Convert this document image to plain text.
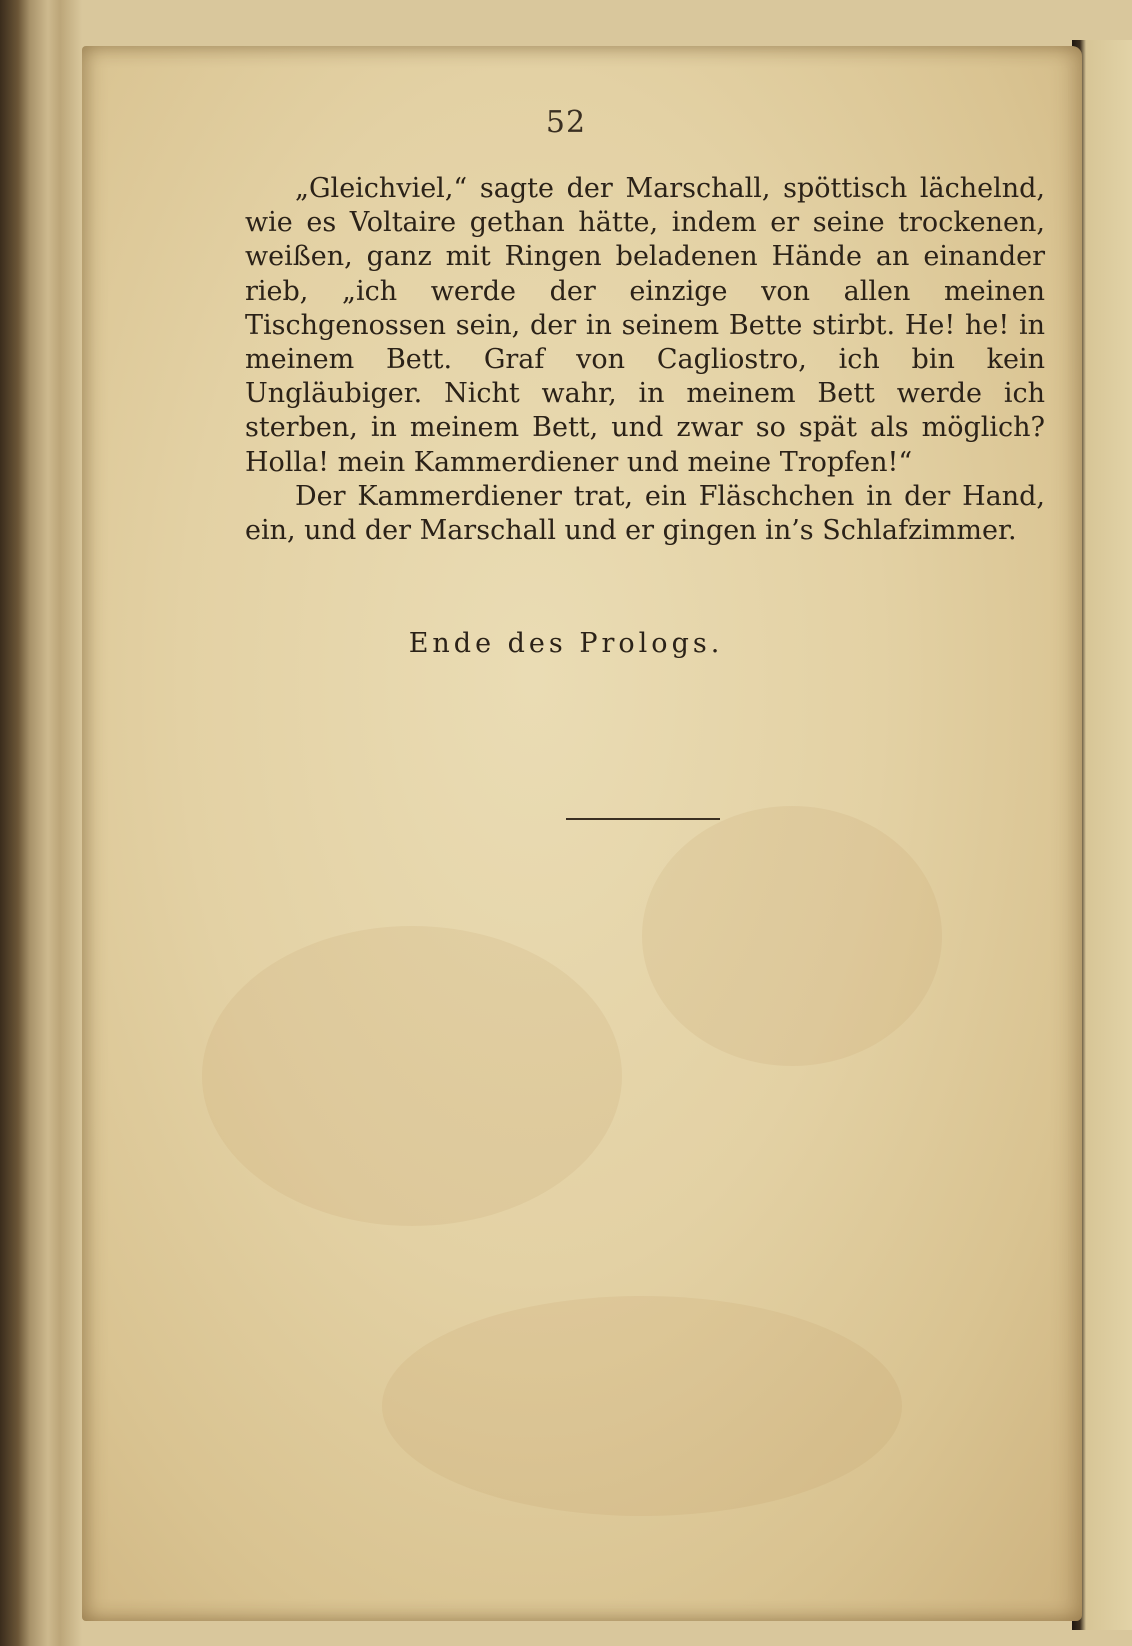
52

„Gleichviel,“ sagte der Marschall, spöttisch lächelnd, wie es Voltaire gethan hätte, indem er seine trockenen, weißen, ganz mit Ringen beladenen Hände an einander rieb, „ich werde der einzige von allen meinen Tischgenossen sein, der in seinem Bette stirbt. He! he! in meinem Bett. Graf von Cagliostro, ich bin kein Ungläubiger. Nicht wahr, in meinem Bett werde ich sterben, in meinem Bett, und zwar so spät als möglich? Holla! mein Kammerdiener und meine Tropfen!“

Der Kammerdiener trat, ein Fläschchen in der Hand, ein, und der Marschall und er gingen in’s Schlafzimmer.

Ende des Prologs.
